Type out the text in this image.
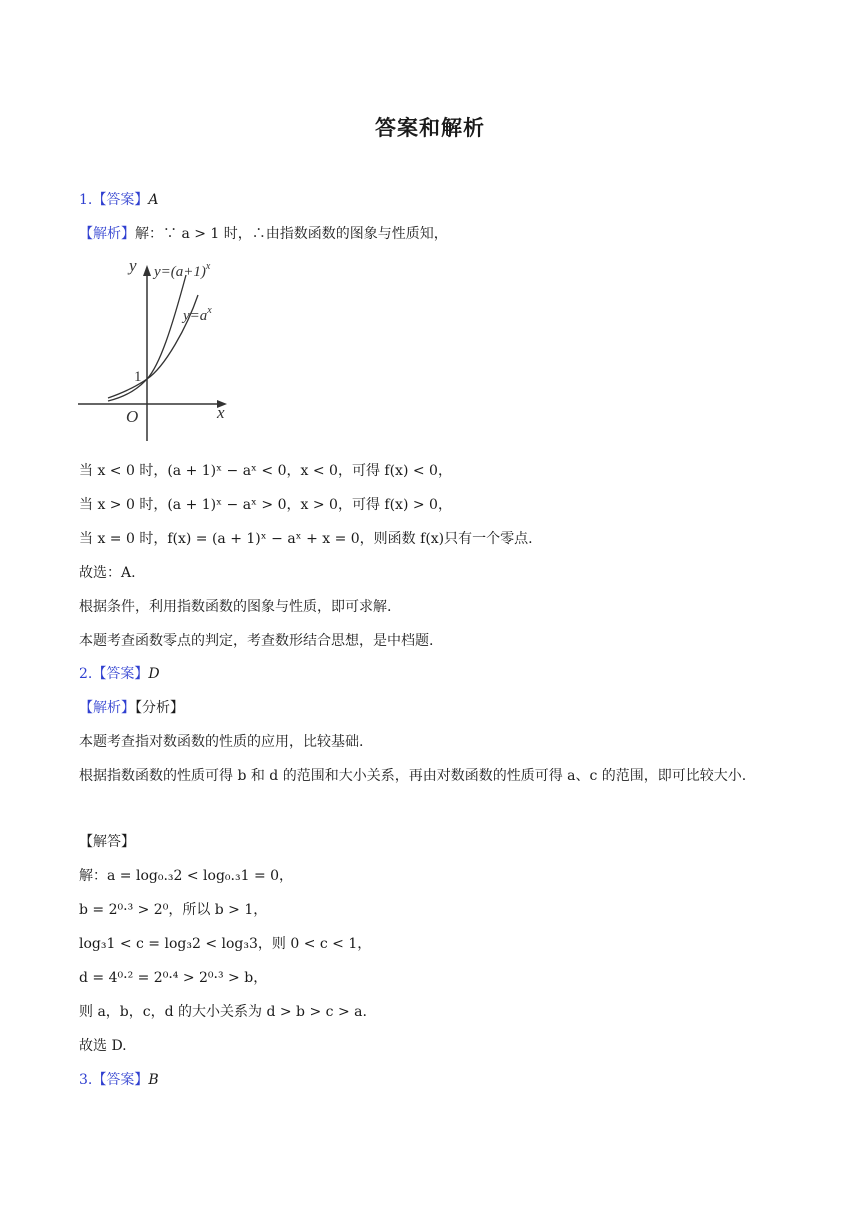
答案和解析
1.【答案】A
【解析】解：∵ a > 1 时，∴由指数函数的图象与性质知，
y
x
O
1
$y=(a+1)^x$
$y=a^x$
当 x < 0 时，(a + 1)ˣ − aˣ < 0，x < 0，可得 f(x) < 0，
当 x > 0 时，(a + 1)ˣ − aˣ > 0，x > 0，可得 f(x) > 0，
当 x = 0 时，f(x) = (a + 1)ˣ − aˣ + x = 0，则函数 f(x)只有一个零点.
故选：A.
根据条件，利用指数函数的图象与性质，即可求解.
本题考查函数零点的判定，考查数形结合思想，是中档题.
2.【答案】D
【解析】【分析】
本题考查指对数函数的性质的应用，比较基础.
根据指数函数的性质可得 b 和 d 的范围和大小关系，再由对数函数的性质可得 a、c 的范围，即可比较大小.
【解答】
解：a = log₀.₃2 < log₀.₃1 = 0，
b = 2⁰·³ > 2⁰，所以 b > 1，
log₃1 < c = log₃2 < log₃3，则 0 < c < 1，
d = 4⁰·² = 2⁰·⁴ > 2⁰·³ > b，
则 a，b，c，d 的大小关系为 d > b > c > a.
故选 D.
3.【答案】B
